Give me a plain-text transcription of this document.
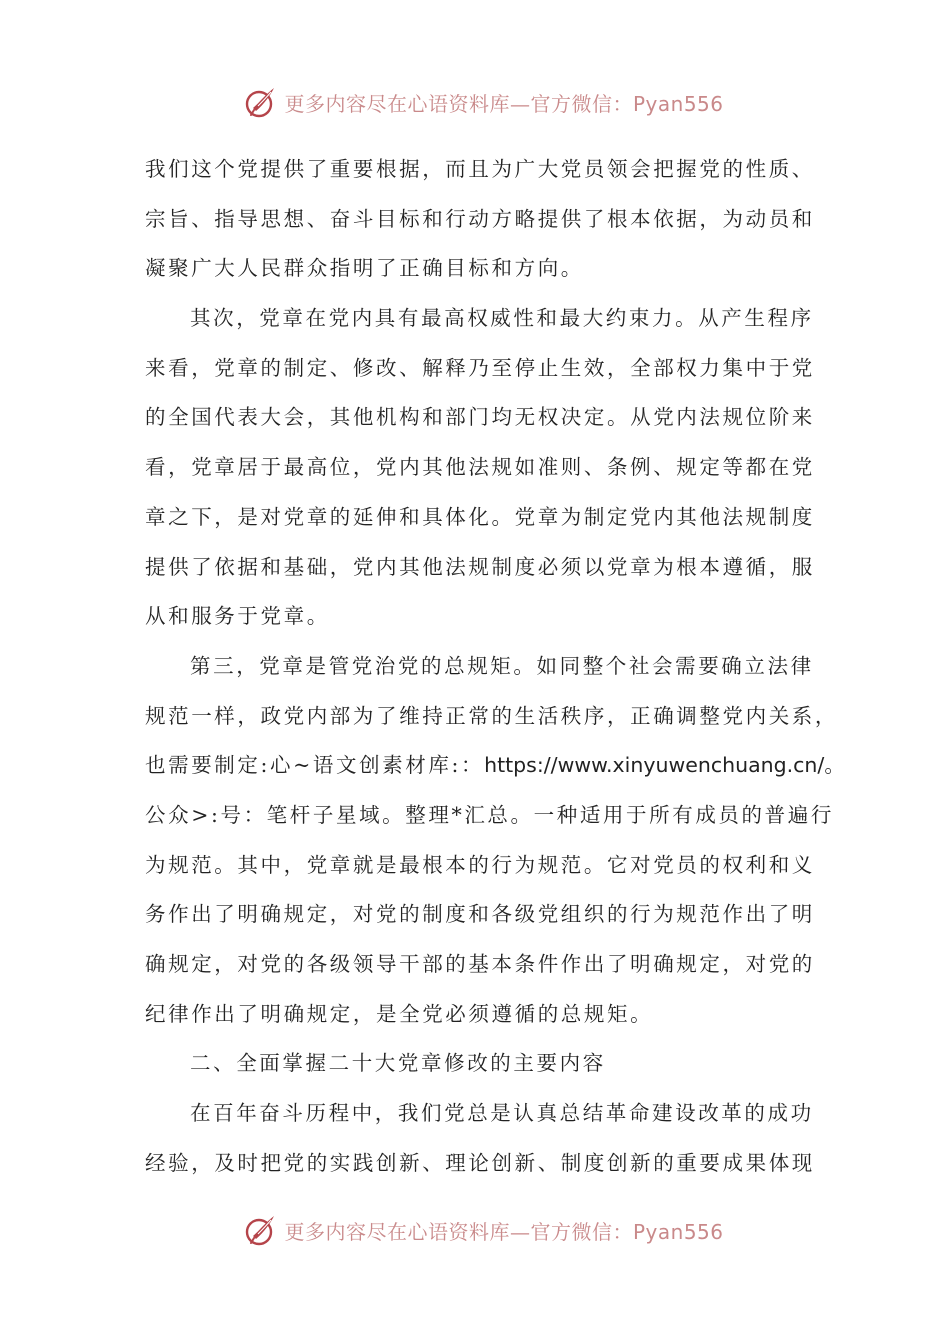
更多内容尽在心语资料库—官方微信：Pyan556
我们这个党提供了重要根据，而且为广大党员领会把握党的性质、
宗旨、指导思想、奋斗目标和行动方略提供了根本依据，为动员和
凝聚广大人民群众指明了正确目标和方向。
其次，党章在党内具有最高权威性和最大约束力。从产生程序
来看，党章的制定、修改、解释乃至停止生效，全部权力集中于党
的全国代表大会，其他机构和部门均无权决定。从党内法规位阶来
看，党章居于最高位，党内其他法规如准则、条例、规定等都在党
章之下，是对党章的延伸和具体化。党章为制定党内其他法规制度
提供了依据和基础，党内其他法规制度必须以党章为根本遵循，服
从和服务于党章。
第三，党章是管党治党的总规矩。如同整个社会需要确立法律
规范一样，政党内部为了维持正常的生活秩序，正确调整党内关系，
也需要制定:心~语文创素材库:：https://www.xinyuwenchuang.cn/。
公众>:号：笔杆子星域。整理*汇总。一种适用于所有成员的普遍行
为规范。其中，党章就是最根本的行为规范。它对党员的权利和义
务作出了明确规定，对党的制度和各级党组织的行为规范作出了明
确规定，对党的各级领导干部的基本条件作出了明确规定，对党的
纪律作出了明确规定，是全党必须遵循的总规矩。
二、全面掌握二十大党章修改的主要内容
在百年奋斗历程中，我们党总是认真总结革命建设改革的成功
经验，及时把党的实践创新、理论创新、制度创新的重要成果体现
更多内容尽在心语资料库—官方微信：Pyan556
